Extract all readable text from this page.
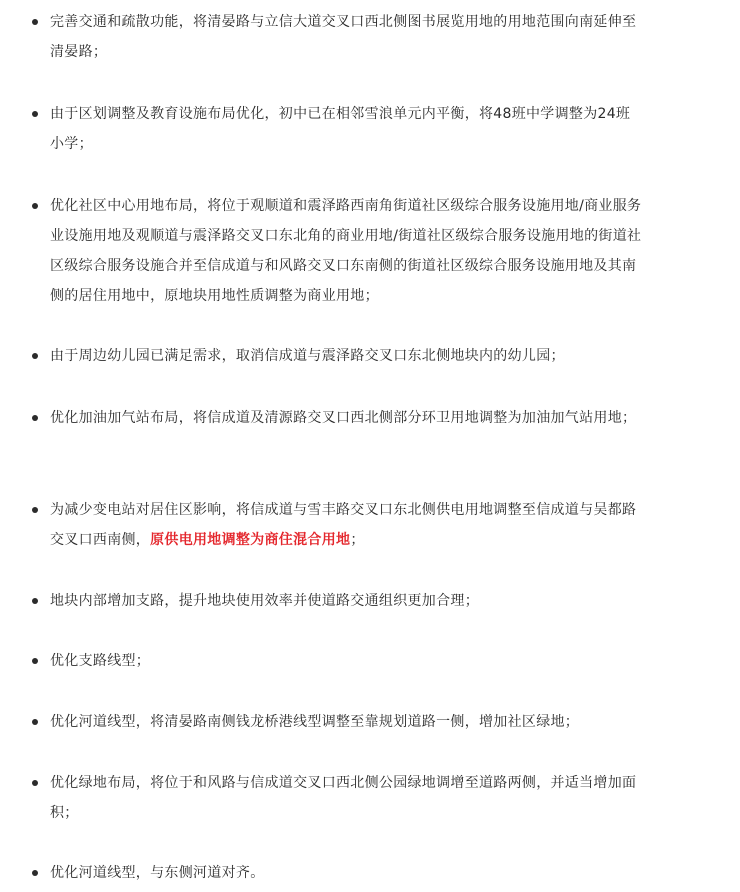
完善交通和疏散功能，将清晏路与立信大道交叉口西北侧图书展览用地的用地范围向南延伸至清晏路；
由于区划调整及教育设施布局优化，初中已在相邻雪浪单元内平衡，将48班中学调整为24班小学；
优化社区中心用地布局，将位于观顺道和震泽路西南角街道社区级综合服务设施用地/商业服务业设施用地及观顺道与震泽路交叉口东北角的商业用地/街道社区级综合服务设施用地的街道社区级综合服务设施合并至信成道与和风路交叉口东南侧的街道社区级综合服务设施用地及其南侧的居住用地中，原地块用地性质调整为商业用地；
由于周边幼儿园已满足需求，取消信成道与震泽路交叉口东北侧地块内的幼儿园；
优化加油加气站布局，将信成道及清源路交叉口西北侧部分环卫用地调整为加油加气站用地；
为减少变电站对居住区影响，将信成道与雪丰路交叉口东北侧供电用地调整至信成道与吴都路交叉口西南侧，原供电用地调整为商住混合用地；
地块内部增加支路，提升地块使用效率并使道路交通组织更加合理；
优化支路线型；
优化河道线型，将清晏路南侧钱龙桥港线型调整至靠规划道路一侧，增加社区绿地；
优化绿地布局，将位于和风路与信成道交叉口西北侧公园绿地调增至道路两侧，并适当增加面积；
优化河道线型，与东侧河道对齐。
